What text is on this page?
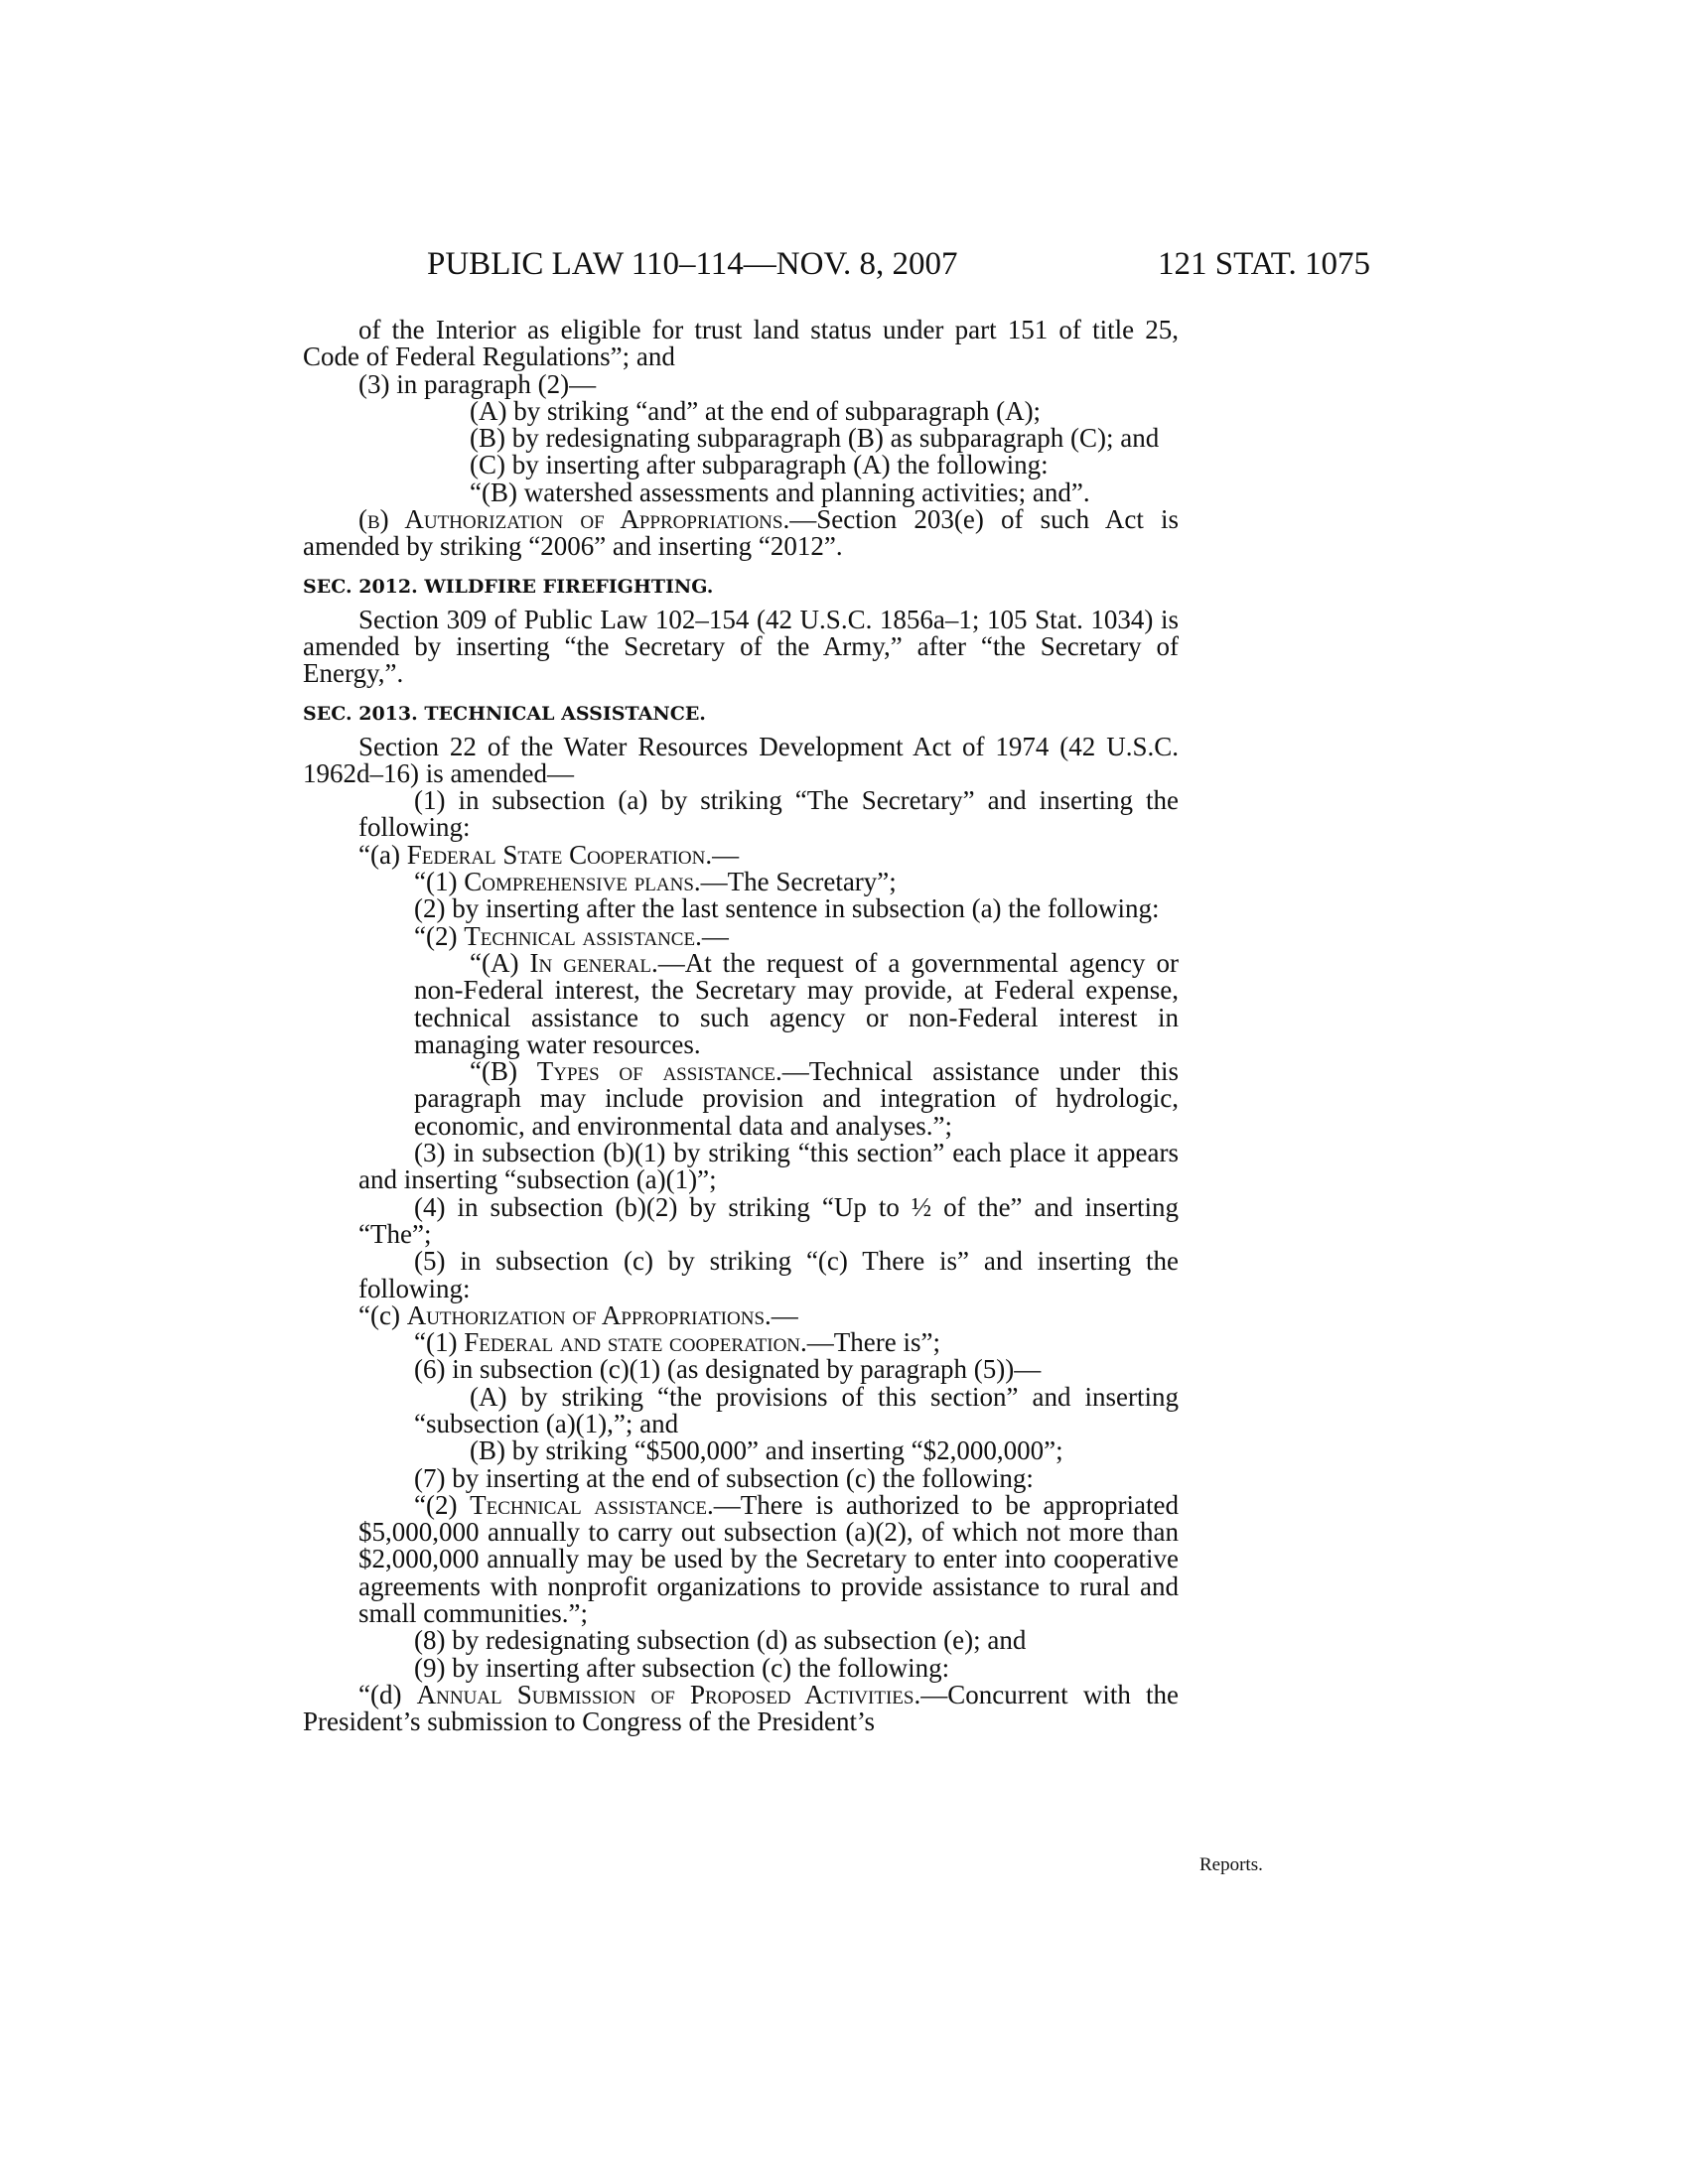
PUBLIC LAW 110–114—NOV. 8, 2007	121 STAT. 1075

of the Interior as eligible for trust land status under part 151 of title 25, Code of Federal Regulations”; and

(3) in paragraph (2)—

(A) by striking “and” at the end of subparagraph (A);

(B) by redesignating subparagraph (B) as subparagraph (C); and

(C) by inserting after subparagraph (A) the following:

“(B) watershed assessments and planning activities; and”.

(b) Authorization of Appropriations.—Section 203(e) of such Act is amended by striking “2006” and inserting “2012”.

SEC. 2012. WILDFIRE FIREFIGHTING.

Section 309 of Public Law 102–154 (42 U.S.C. 1856a–1; 105 Stat. 1034) is amended by inserting “the Secretary of the Army,” after “the Secretary of Energy,”.

SEC. 2013. TECHNICAL ASSISTANCE.

Section 22 of the Water Resources Development Act of 1974 (42 U.S.C. 1962d–16) is amended—

(1) in subsection (a) by striking “The Secretary” and inserting the following:

“(a) Federal State Cooperation.—

“(1) Comprehensive plans.—The Secretary”;

(2) by inserting after the last sentence in subsection (a) the following:

“(2) Technical assistance.—

“(A) In general.—At the request of a governmental agency or non-Federal interest, the Secretary may provide, at Federal expense, technical assistance to such agency or non-Federal interest in managing water resources.

“(B) Types of assistance.—Technical assistance under this paragraph may include provision and integration of hydrologic, economic, and environmental data and analyses.”;

(3) in subsection (b)(1) by striking “this section” each place it appears and inserting “subsection (a)(1)”;

(4) in subsection (b)(2) by striking “Up to ½ of the” and inserting “The”;

(5) in subsection (c) by striking “(c) There is” and inserting the following:

“(c) Authorization of Appropriations.—

“(1) Federal and state cooperation.—There is”;

(6) in subsection (c)(1) (as designated by paragraph (5))—

(A) by striking “the provisions of this section” and inserting “subsection (a)(1),”; and

(B) by striking “$500,000” and inserting “$2,000,000”;

(7) by inserting at the end of subsection (c) the following:

“(2) Technical assistance.—There is authorized to be appropriated $5,000,000 annually to carry out subsection (a)(2), of which not more than $2,000,000 annually may be used by the Secretary to enter into cooperative agreements with nonprofit organizations to provide assistance to rural and small communities.”;

(8) by redesignating subsection (d) as subsection (e); and

(9) by inserting after subsection (c) the following:

“(d) Annual Submission of Proposed Activities.—Concurrent with the President’s submission to Congress of the President’s

Reports.
